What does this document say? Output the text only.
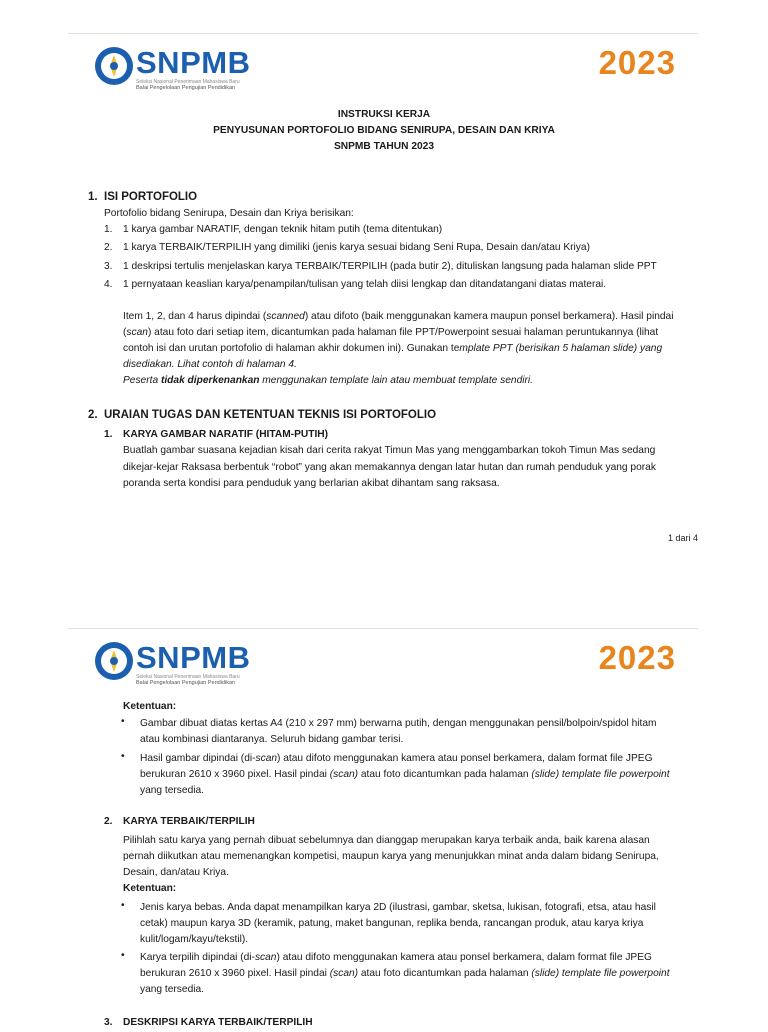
SNPMB
Seleksi Nasional Penerimaan Mahasiswa Baru
Balai Pengelolaan Pengujian Pendidikan
2023
INSTRUKSI KERJA
PENYUSUNAN PORTOFOLIO BIDANG SENIRUPA, DESAIN DAN KRIYA
SNPMB TAHUN 2023
1. ISI PORTOFOLIO
Portofolio bidang Senirupa, Desain dan Kriya berisikan:
1. 1 karya gambar NARATIF, dengan teknik hitam putih (tema ditentukan)
2. 1 karya TERBAIK/TERPILIH yang dimiliki (jenis karya sesuai bidang Seni Rupa, Desain dan/atau Kriya)
3. 1 deskripsi tertulis menjelaskan karya TERBAIK/TERPILIH (pada butir 2), dituliskan langsung pada halaman slide PPT
4. 1 pernyataan keaslian karya/penampilan/tulisan yang telah diisi lengkap dan ditandatangani diatas materai.
Item 1, 2, dan 4 harus dipindai (scanned) atau difoto (baik menggunakan kamera maupun ponsel berkamera). Hasil pindai
(scan) atau foto dari setiap item, dicantumkan pada halaman file PPT/Powerpoint sesuai halaman peruntukannya (lihat
contoh isi dan urutan portofolio di halaman akhir dokumen ini). Gunakan template PPT (berisikan 5 halaman slide) yang
disediakan. Lihat contoh di halaman 4.
Peserta tidak diperkenankan menggunakan template lain atau membuat template sendiri.
2. URAIAN TUGAS DAN KETENTUAN TEKNIS ISI PORTOFOLIO
1. KARYA GAMBAR NARATIF (HITAM-PUTIH)
Buatlah gambar suasana kejadian kisah dari cerita rakyat Timun Mas yang menggambarkan tokoh Timun Mas sedang
dikejar-kejar Raksasa berbentuk “robot” yang akan memakannya dengan latar hutan dan rumah penduduk yang porak
poranda serta kondisi para penduduk yang berlarian akibat dihantam sang raksasa.
1 dari 4
SNPMB
Seleksi Nasional Penerimaan Mahasiswa Baru
Balai Pengelolaan Pengujian Pendidikan
2023
Ketentuan:
• Gambar dibuat diatas kertas A4 (210 x 297 mm) berwarna putih, dengan menggunakan pensil/bolpoin/spidol hitam
atau kombinasi diantaranya. Seluruh bidang gambar terisi.
• Hasil gambar dipindai (di-scan) atau difoto menggunakan kamera atau ponsel berkamera, dalam format file JPEG
berukuran 2610 x 3960 pixel. Hasil pindai (scan) atau foto dicantumkan pada halaman (slide) template file powerpoint
yang tersedia.
2. KARYA TERBAIK/TERPILIH
Pilihlah satu karya yang pernah dibuat sebelumnya dan dianggap merupakan karya terbaik anda, baik karena alasan
pernah diikutkan atau memenangkan kompetisi, maupun karya yang menunjukkan minat anda dalam bidang Senirupa,
Desain, dan/atau Kriya.
Ketentuan:
• Jenis karya bebas. Anda dapat menampilkan karya 2D (ilustrasi, gambar, sketsa, lukisan, fotografi, etsa, atau hasil
cetak) maupun karya 3D (keramik, patung, maket bangunan, replika benda, rancangan produk, atau karya kriya
kulit/logam/kayu/tekstil).
• Karya terpilih dipindai (di-scan) atau difoto menggunakan kamera atau ponsel berkamera, dalam format file JPEG
berukuran 2610 x 3960 pixel. Hasil pindai (scan) atau foto dicantumkan pada halaman (slide) template file powerpoint
yang tersedia.
3. DESKRIPSI KARYA TERBAIK/TERPILIH
